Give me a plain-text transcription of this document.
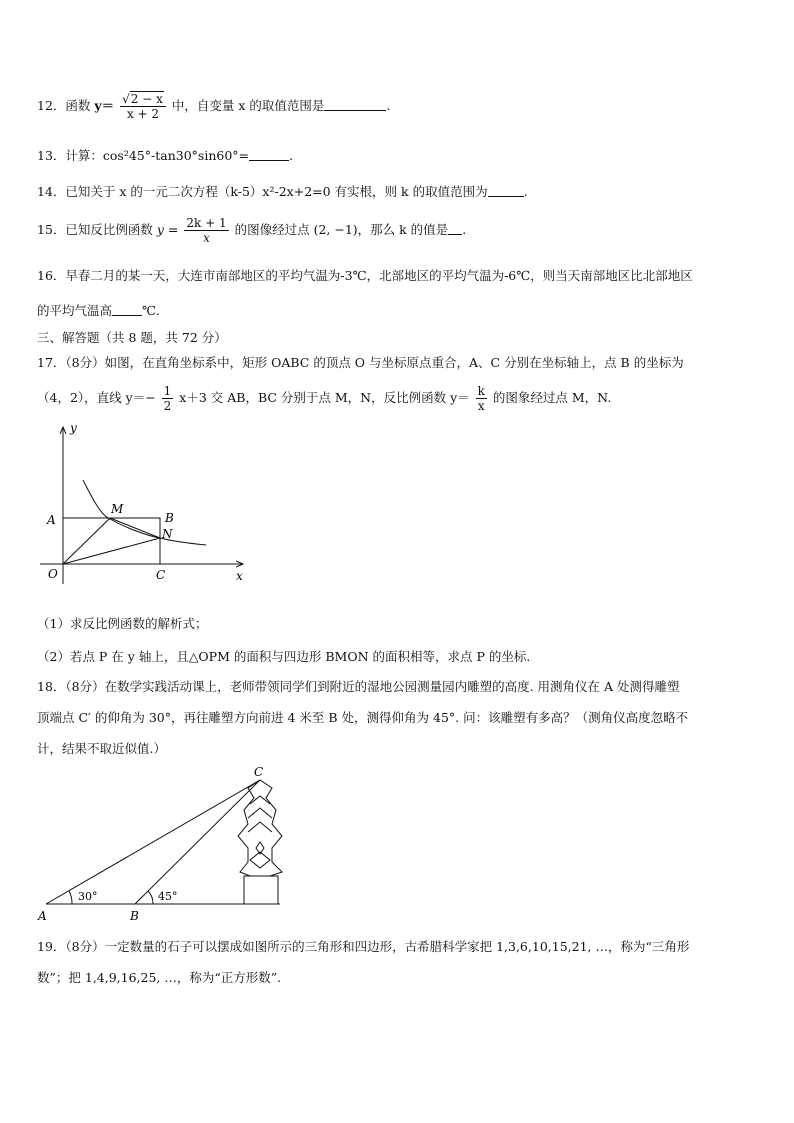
12．函数 $y= \frac{√2 - x}{x + 2}$ 中，自变量 x 的取值范围是	.
13．计算：cos²45°-tan30°sin60°=	.
14．已知关于 x 的一元二次方程（k-5）x²-2x+2=0 有实根，则 k 的取值范围为	.
15．已知反比例函数 $y = \frac{2k + 1}{x}$ 的图像经过点 (2, −1)，那么 k 的值是 .
16．早春二月的某一天，大连市南部地区的平均气温为-3℃，北部地区的平均气温为-6℃，则当天南部地区比北部地区
的平均气温高 ℃.
三、解答题（共 8 题，共 72 分）
17．（8分）如图，在直角坐标系中，矩形 OABC 的顶点 O 与坐标原点重合，A、C 分别在坐标轴上，点 B 的坐标为
（4，2），直线 $y=- \frac{1}{2} x+3$ 交 AB，BC 分别于点 M，N，反比例函数 $y= \frac{k}{x}$ 的图象经过点 M，N.
y
x
A	B
M
N
O	C
（1）求反比例函数的解析式；
（2）若点 P 在 y 轴上，且△OPM 的面积与四边形 BMON 的面积相等，求点 P 的坐标.
18．（8分）在数学实践活动课上，老师带领同学们到附近的湿地公园测量园内雕塑的高度. 用测角仪在 A 处测得雕塑
顶端点 C′ 的仰角为 30°，再往雕塑方向前进 4 米至 B 处，测得仰角为 45°. 问：该雕塑有多高？（测角仪高度忽略不
计，结果不取近似值.）
C
A	B
30°	45°
19．（8分）一定数量的石子可以摆成如图所示的三角形和四边形，古希腊科学家把 1,3,6,10,15,21, …，称为“三角形
数”；把 1,4,9,16,25, …，称为“正方形数”.
